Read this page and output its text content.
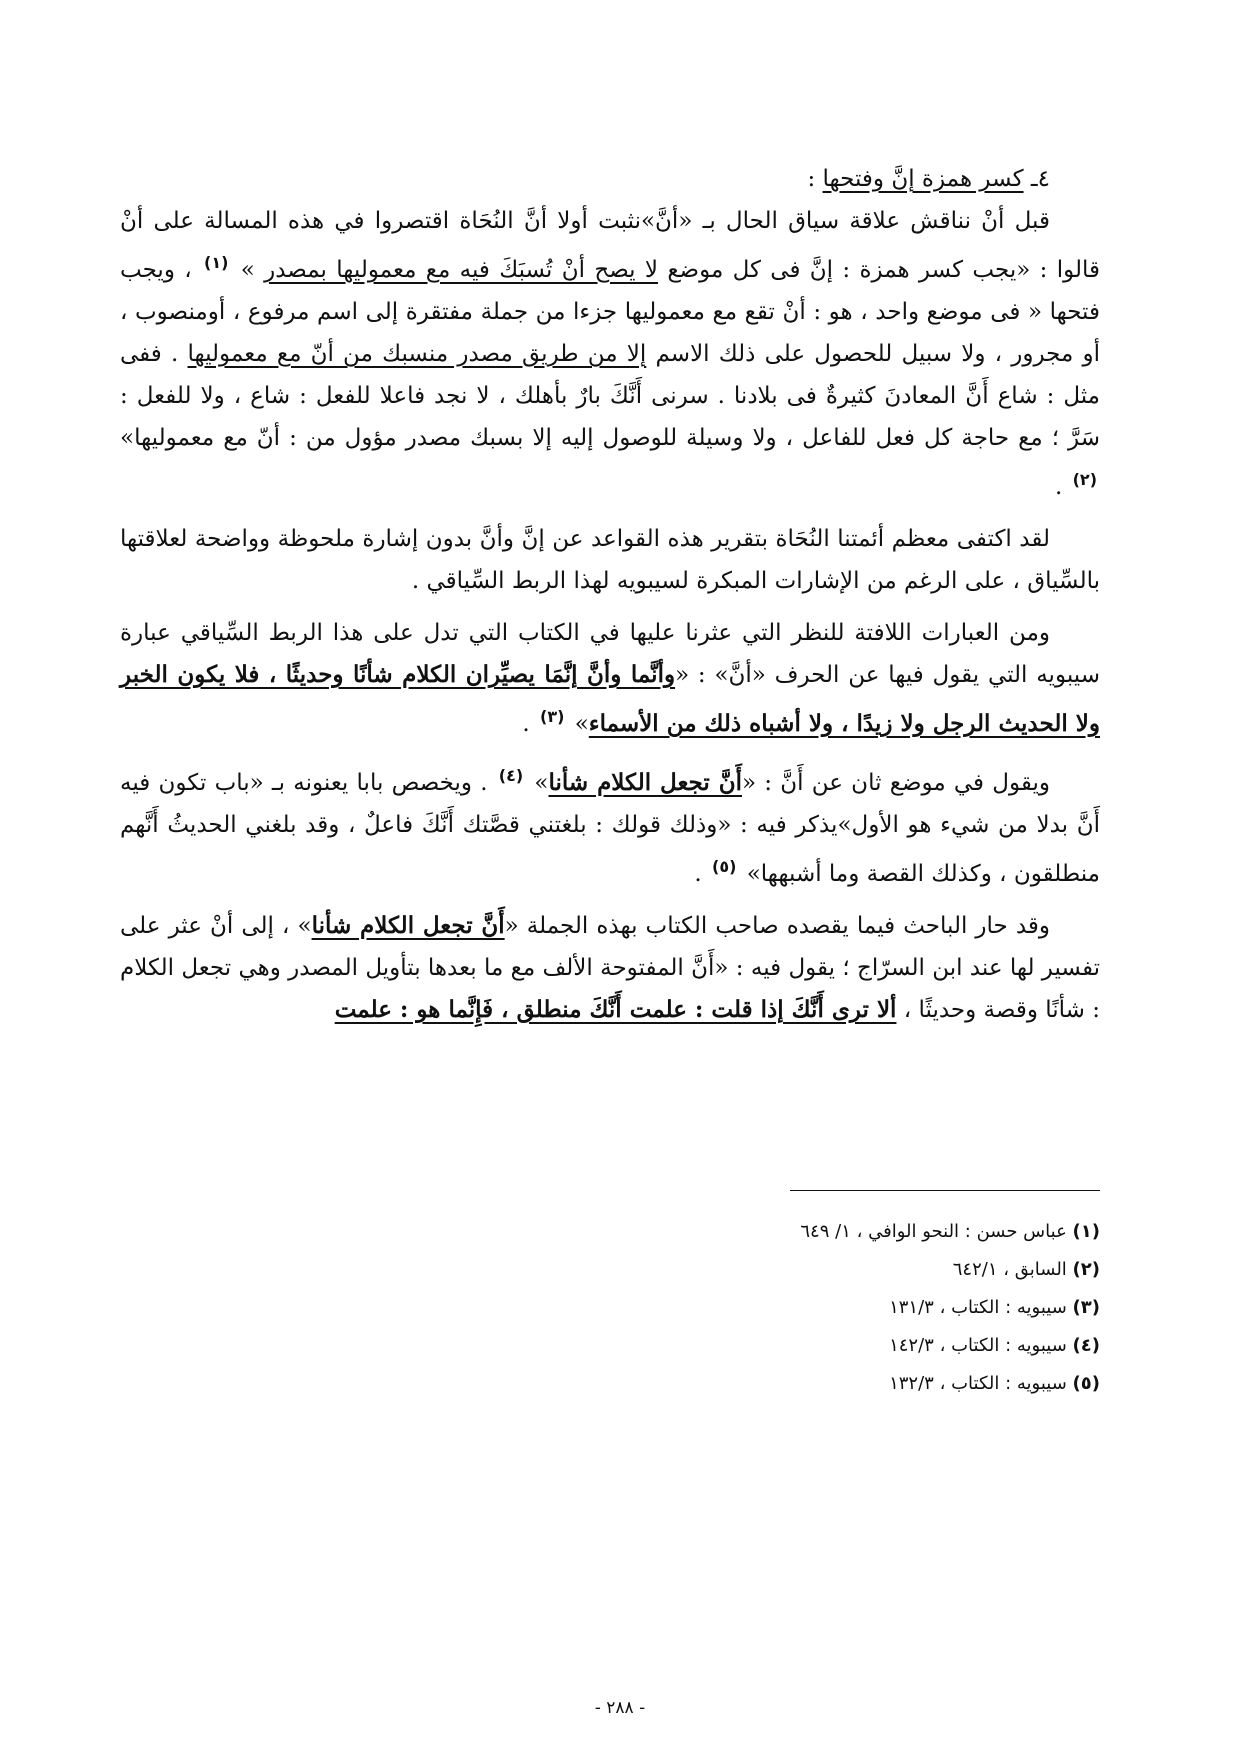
٤ـ كسر همزة إنَّ وفتحها :

قبل أنْ نناقش علاقة سياق الحال بـ «أنَّ»نثبت أولا أنَّ النُحَاة اقتصروا في هذه المسالة على أنْ قالوا : «يجب كسر همزة : إنَّ فى كل موضع لا يصح أنْ تُسبَكَ فيه مع معموليها بمصدر » $^{(١)}$ ، ويجب فتحها « فى موضع واحد ، هو : أنْ تقع مع معموليها جزءا من جملة مفتقرة إلى اسم مرفوع ، أومنصوب ، أو مجرور ، ولا سبيل للحصول على ذلك الاسم إلا من طريق مصدر منسبك من أنّ مع معموليها . ففى مثل : شاع أَنَّ المعادنَ كثيرةٌ فى بلادنا . سرنى أَنَّكَ بارٌ بأهلك ، لا نجد فاعلا للفعل : شاع ، ولا للفعل : سَرَّ ؛ مع حاجة كل فعل للفاعل ، ولا وسيلة للوصول إليه إلا بسبك مصدر مؤول من : أنّ مع معموليها» $^{(٢)}$ .

لقد اكتفى معظم أئمتنا النُحَاة بتقرير هذه القواعد عن إنَّ وأنَّ بدون إشارة ملحوظة وواضحة لعلاقتها بالسِّياق ، على الرغم من الإشارات المبكرة لسيبويه لهذا الربط السِّياقي .

ومن العبارات اللافتة للنظر التي عثرنا عليها في الكتاب التي تدل على هذا الربط السِّياقي عبارة سيبويه التي يقول فيها عن الحرف «أنَّ» : «وأنَّما وأنَّ إنَّمَا يصيِّران الكلام شأنًا وحديثًا ، فلا يكون الخبر ولا الحديث الرجل ولا زيدًا ، ولا أشباه ذلك من الأسماء» $^{(٣)}$ .

ويقول في موضع ثان عن أَنَّ : «أَنَّ تجعل الكلام شأنا» $^{(٤)}$ . ويخصص بابا يعنونه بـ «باب تكون فيه أَنَّ بدلا من شيء هو الأول»يذكر فيه : «وذلك قولك : بلغتني قصَّتك أَنَّكَ فاعلٌ ، وقد بلغني الحديثُ أَنَّهم منطلقون ، وكذلك القصة وما أشبهها» $^{(٥)}$ .

وقد حار الباحث فيما يقصده صاحب الكتاب بهذه الجملة «أَنَّ تجعل الكلام شأنا» ، إلى أنْ عثر على تفسير لها عند ابن السرّاج ؛ يقول فيه : «أَنَّ المفتوحة الألف مع ما بعدها بتأويل المصدر وهي تجعل الكلام : شأنًا وقصة وحديثًا ، ألا ترى أَنَّكَ إذا قلت : علمت أَنَّكَ منطلق ، فَإِنَّما هو : علمت

(١) عباس حسن : النحو الوافي ، ١/ ٦٤٩
(٢) السابق ، ٦٤٢/١
(٣) سيبويه : الكتاب ، ١٣١/٣
(٤) سيبويه : الكتاب ، ١٤٢/٣
(٥) سيبويه : الكتاب ، ١٣٢/٣
- ٢٨٨ -
